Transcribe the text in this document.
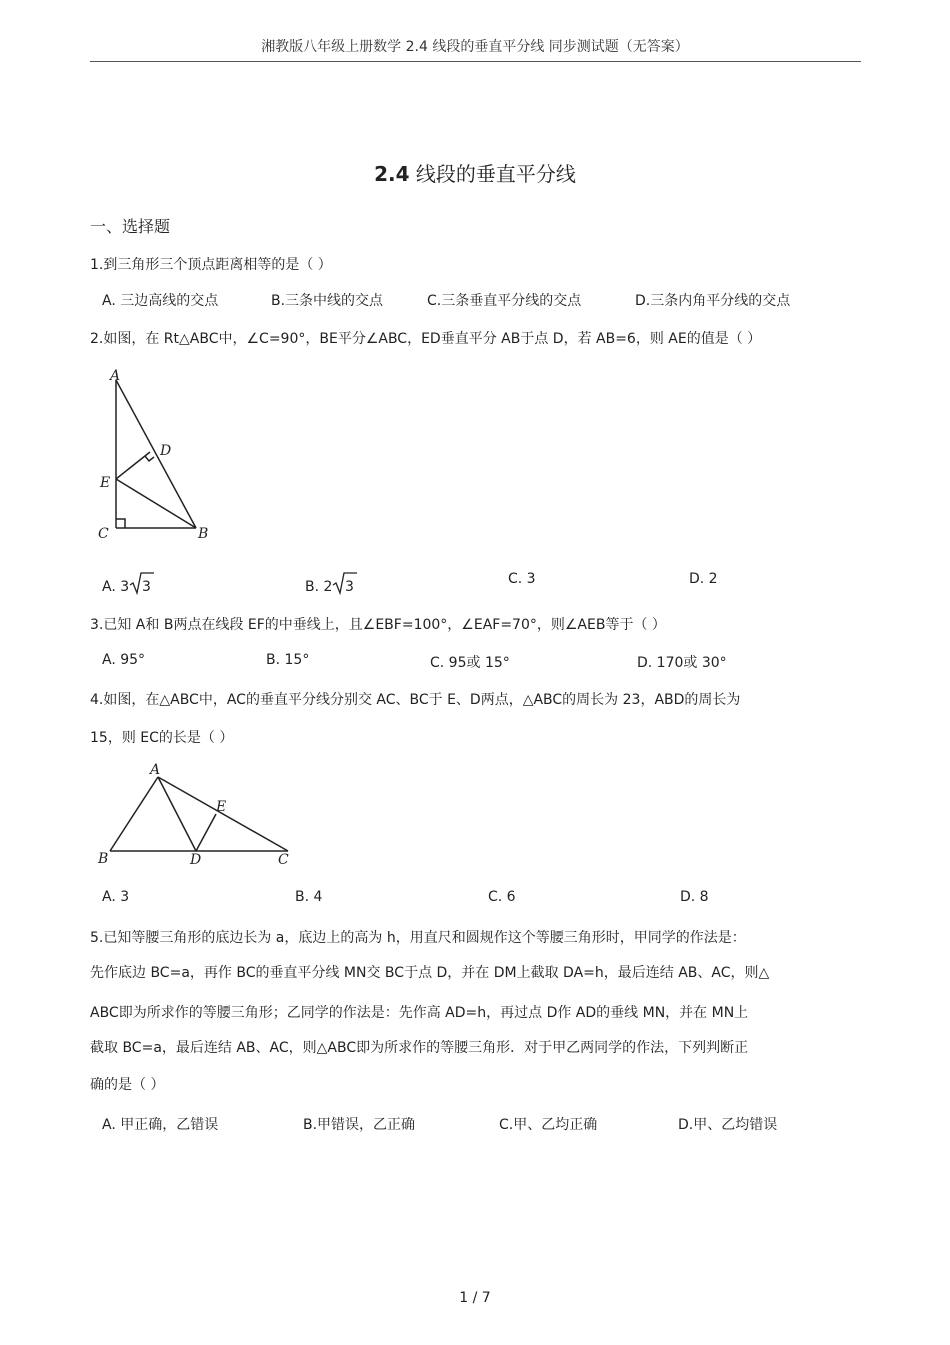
湘教版八年级上册数学 2.4 线段的垂直平分线 同步测试题（无答案）
2.4 线段的垂直平分线
一、选择题
1.到三角形三个顶点距离相等的是（ ）
A. 三边高线的交点	B.三条中线的交点	C.三条垂直平分线的交点	D.三条内角平分线的交点
2.如图，在 Rt△ABC中，∠C=90°，BE平分∠ABC，ED垂直平分 AB于点 D，若 AB=6，则 AE的值是（ ）
A
D
E
C	B
A. 3 3	B. 2 3	C. 3	D. 2
3.已知 A和 B两点在线段 EF的中垂线上，且∠EBF=100°，∠EAF=70°，则∠AEB等于（ ）
A. 95°	B. 15°	C. 95或 15°	D. 170或 30°
4.如图，在△ABC中，AC的垂直平分线分别交 AC、BC于 E、D两点，△ABC的周长为 23，ABD的周长为
15，则 EC的长是（ ）
A
E
B	D	C
A. 3	B. 4	C. 6	D. 8
5.已知等腰三角形的底边长为 a，底边上的高为 h，用直尺和圆规作这个等腰三角形时，甲同学的作法是：
先作底边 BC=a，再作 BC的垂直平分线 MN交 BC于点 D，并在 DM上截取 DA=h，最后连结 AB、AC，则△
ABC即为所求作的等腰三角形；乙同学的作法是：先作高 AD=h，再过点 D作 AD的垂线 MN，并在 MN上
截取 BC=a，最后连结 AB、AC，则△ABC即为所求作的等腰三角形．对于甲乙两同学的作法，下列判断正
确的是（ ）
A. 甲正确，乙错误	B.甲错误，乙正确	C.甲、乙均正确	D.甲、乙均错误
1 / 7
